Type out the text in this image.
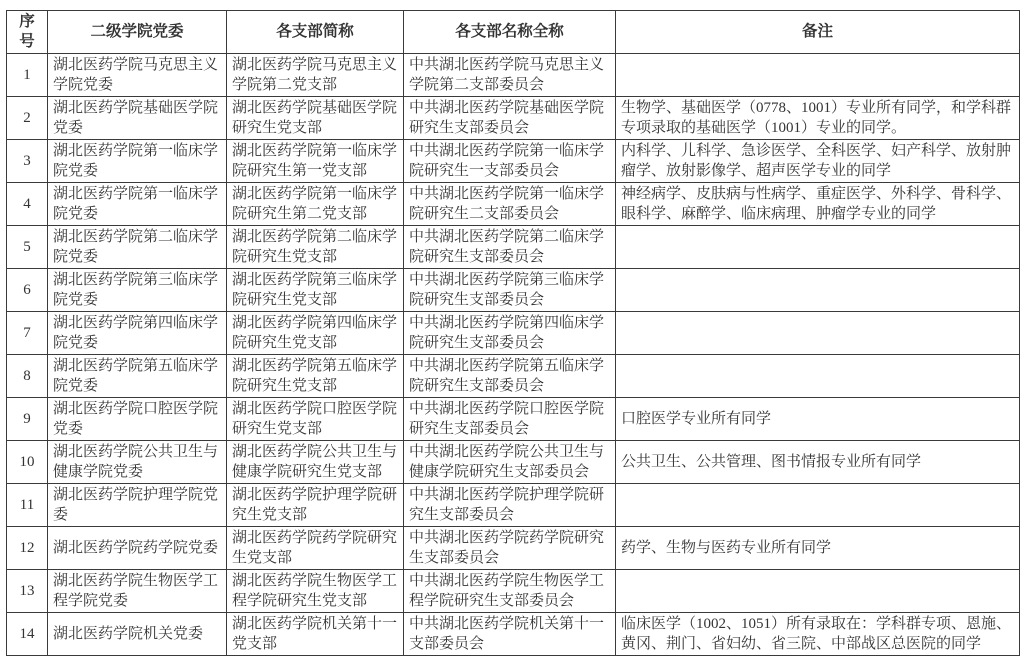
序号	二级学院党委	各支部简称	各支部名称全称	备注
1	湖北医药学院马克思主义学院党委	湖北医药学院马克思主义学院第二党支部	中共湖北医药学院马克思主义学院第二支部委员会	
2	湖北医药学院基础医学院党委	湖北医药学院基础医学院研究生党支部	中共湖北医药学院基础医学院研究生支部委员会	生物学、基础医学（0778、1001）专业所有同学，和学科群专项录取的基础医学（1001）专业的同学。
3	湖北医药学院第一临床学院党委	湖北医药学院第一临床学院研究生第一党支部	中共湖北医药学院第一临床学院研究生一支部委员会	内科学、儿科学、急诊医学、全科医学、妇产科学、放射肿瘤学、放射影像学、超声医学专业的同学
4	湖北医药学院第一临床学院党委	湖北医药学院第一临床学院研究生第二党支部	中共湖北医药学院第一临床学院研究生二支部委员会	神经病学、皮肤病与性病学、重症医学、外科学、骨科学、眼科学、麻醉学、临床病理、肿瘤学专业的同学
5	湖北医药学院第二临床学院党委	湖北医药学院第二临床学院研究生党支部	中共湖北医药学院第二临床学院研究生支部委员会	
6	湖北医药学院第三临床学院党委	湖北医药学院第三临床学院研究生党支部	中共湖北医药学院第三临床学院研究生支部委员会	
7	湖北医药学院第四临床学院党委	湖北医药学院第四临床学院研究生党支部	中共湖北医药学院第四临床学院研究生支部委员会	
8	湖北医药学院第五临床学院党委	湖北医药学院第五临床学院研究生党支部	中共湖北医药学院第五临床学院研究生支部委员会	
9	湖北医药学院口腔医学院党委	湖北医药学院口腔医学院研究生党支部	中共湖北医药学院口腔医学院研究生支部委员会	口腔医学专业所有同学
10	湖北医药学院公共卫生与健康学院党委	湖北医药学院公共卫生与健康学院研究生党支部	中共湖北医药学院公共卫生与健康学院研究生支部委员会	公共卫生、公共管理、图书情报专业所有同学
11	湖北医药学院护理学院党委	湖北医药学院护理学院研究生党支部	中共湖北医药学院护理学院研究生支部委员会	
12	湖北医药学院药学院党委	湖北医药学院药学院研究生党支部	中共湖北医药学院药学院研究生支部委员会	药学、生物与医药专业所有同学
13	湖北医药学院生物医学工程学院党委	湖北医药学院生物医学工程学院研究生党支部	中共湖北医药学院生物医学工程学院研究生支部委员会	
14	湖北医药学院机关党委	湖北医药学院机关第十一党支部	中共湖北医药学院机关第十一支部委员会	临床医学（1002、1051）所有录取在：学科群专项、恩施、黄冈、荆门、省妇幼、省三院、中部战区总医院的同学
